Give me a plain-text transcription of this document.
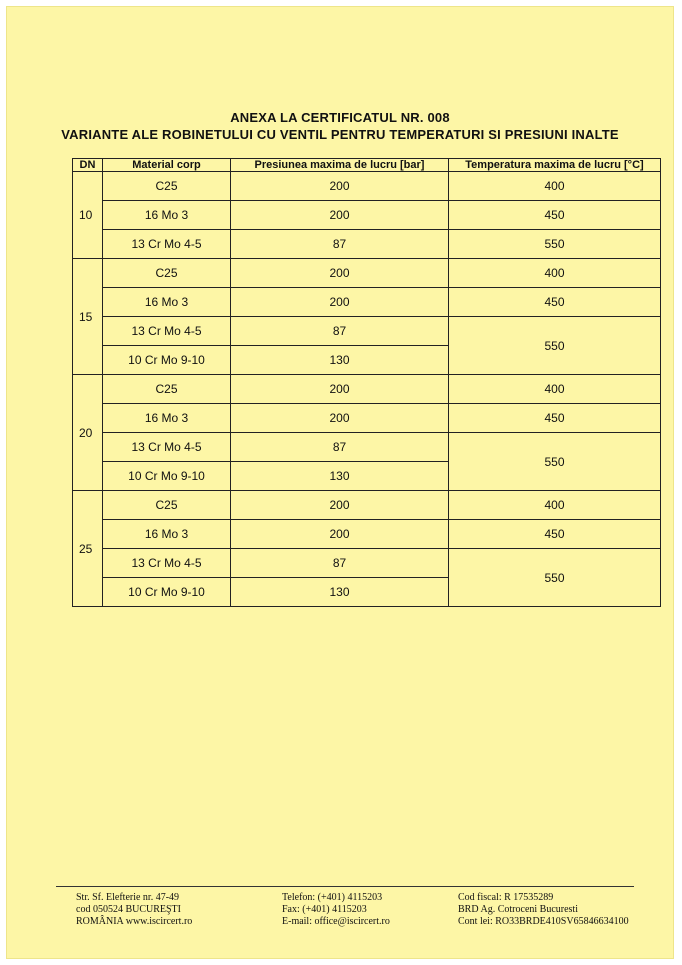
ANEXA LA CERTIFICATUL NR. 008
VARIANTE ALE ROBINETULUI CU VENTIL PENTRU TEMPERATURI SI PRESIUNI INALTE
DN	Material corp	Presiunea maxima de lucru [bar]	Temperatura maxima de lucru [°C]
10	C25	200	400
	16 Mo 3	200	450
	13 Cr Mo 4-5	87	550
15	C25	200	400
	16 Mo 3	200	450
	13 Cr Mo 4-5	87	550
	10 Cr Mo 9-10	130	
20	C25	200	400
	16 Mo 3	200	450
	13 Cr Mo 4-5	87	550
	10 Cr Mo 9-10	130	
25	C25	200	400
	16 Mo 3	200	450
	13 Cr Mo 4-5	87	550
	10 Cr Mo 9-10	130	
Str. Sf. Elefterie nr. 47-49
cod 050524 BUCUREŞTI
ROMÂNIA www.iscircert.ro
Telefon: (+401) 4115203
Fax: (+401) 4115203
E-mail: office@iscircert.ro
Cod fiscal: R 17535289
BRD Ag. Cotroceni Bucuresti
Cont lei: RO33BRDE410SV65846634100
